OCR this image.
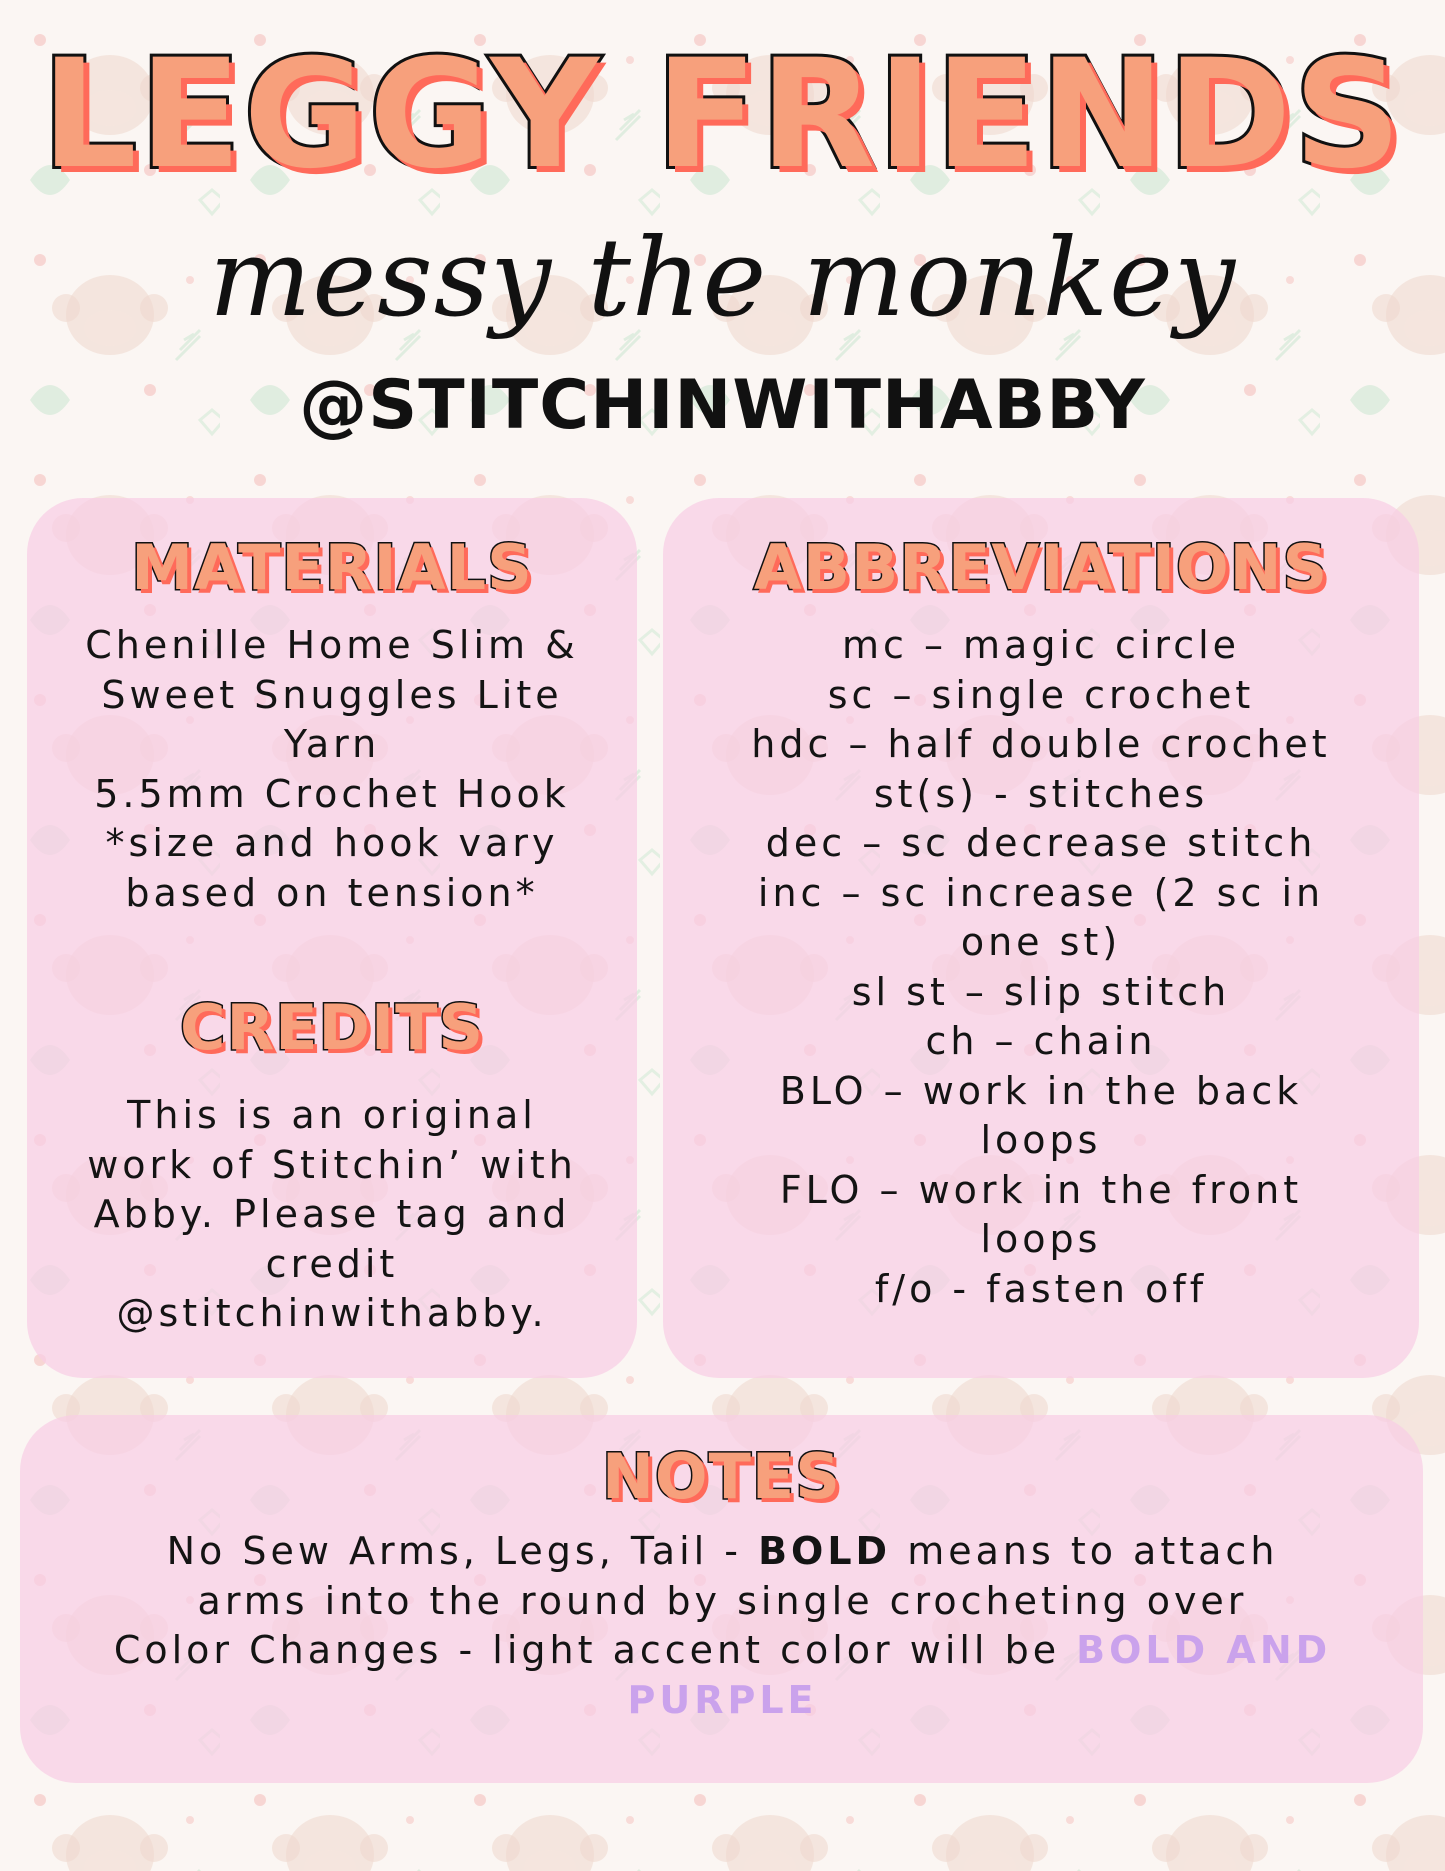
LEGGY FRIENDS
messy the monkey
@STITCHINWITHABBY
MATERIALS
Chenille Home Slim &
Sweet Snuggles Lite
Yarn
5.5mm Crochet Hook
*size and hook vary
based on tension*
CREDITS
This is an original
work of Stitchin’ with
Abby. Please tag and
credit
@stitchinwithabby.
ABBREVIATIONS
mc – magic circle
sc – single crochet
hdc – half double crochet
st(s) - stitches
dec – sc decrease stitch
inc – sc increase (2 sc in
one st)
sl st – slip stitch
ch – chain
BLO – work in the back
loops
FLO – work in the front
loops
f/o - fasten off
NOTES
No Sew Arms, Legs, Tail - BOLD means to attach
arms into the round by single crocheting over
Color Changes - light accent color will be BOLD AND
PURPLE
